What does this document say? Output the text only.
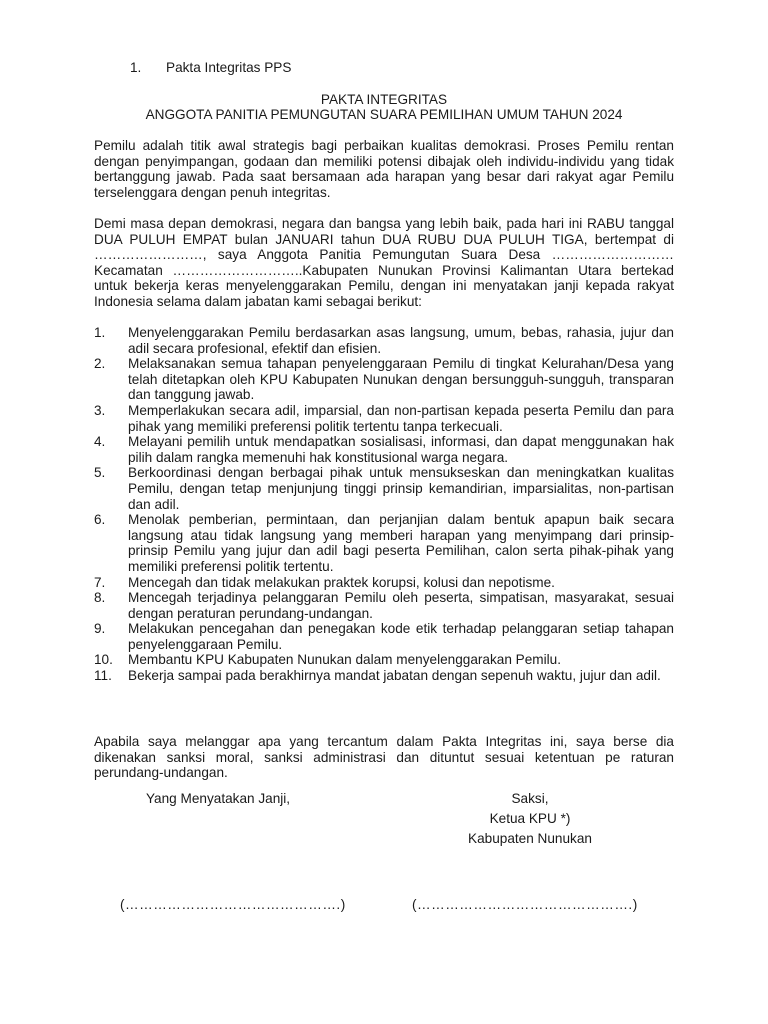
1. Pakta Integritas PPS
PAKTA INTEGRITAS
ANGGOTA PANITIA PEMUNGUTAN SUARA PEMILIHAN UMUM TAHUN 2024
Pemilu adalah titik awal strategis bagi perbaikan kualitas demokrasi. Proses Pemilu rentan dengan penyimpangan, godaan dan memiliki potensi dibajak oleh individu-individu yang tidak bertanggung jawab. Pada saat bersamaan ada harapan yang besar dari rakyat agar Pemilu terselenggara dengan penuh integritas.
Demi masa depan demokrasi, negara dan bangsa yang lebih baik, pada hari ini RABU tanggal DUA PULUH EMPAT bulan JANUARI tahun DUA RUBU DUA PULUH TIGA, bertempat di ……………………, saya Anggota Panitia Pemungutan Suara Desa ……………………… Kecamatan ………………………..Kabupaten Nunukan Provinsi Kalimantan Utara bertekad untuk bekerja keras menyelenggarakan Pemilu, dengan ini menyatakan janji kepada rakyat Indonesia selama dalam jabatan kami sebagai berikut:
1. Menyelenggarakan Pemilu berdasarkan asas langsung, umum, bebas, rahasia, jujur dan adil secara profesional, efektif dan efisien.
2. Melaksanakan semua tahapan penyelenggaraan Pemilu di tingkat Kelurahan/Desa yang telah ditetapkan oleh KPU Kabupaten Nunukan dengan bersungguh-sungguh, transparan dan tanggung jawab.
3. Memperlakukan secara adil, imparsial, dan non-partisan kepada peserta Pemilu dan para pihak yang memiliki preferensi politik tertentu tanpa terkecuali.
4. Melayani pemilih untuk mendapatkan sosialisasi, informasi, dan dapat menggunakan hak pilih dalam rangka memenuhi hak konstitusional warga negara.
5. Berkoordinasi dengan berbagai pihak untuk mensukseskan dan meningkatkan kualitas Pemilu, dengan tetap menjunjung tinggi prinsip kemandirian, imparsialitas, non-partisan dan adil.
6. Menolak pemberian, permintaan, dan perjanjian dalam bentuk apapun baik secara langsung atau tidak langsung yang memberi harapan yang menyimpang dari prinsip-prinsip Pemilu yang jujur dan adil bagi peserta Pemilihan, calon serta pihak-pihak yang memiliki preferensi politik tertentu.
7. Mencegah dan tidak melakukan praktek korupsi, kolusi dan nepotisme.
8. Mencegah terjadinya pelanggaran Pemilu oleh peserta, simpatisan, masyarakat, sesuai dengan peraturan perundang-undangan.
9. Melakukan pencegahan dan penegakan kode etik terhadap pelanggaran setiap tahapan penyelenggaraan Pemilu.
10. Membantu KPU Kabupaten Nunukan dalam menyelenggarakan Pemilu.
11. Bekerja sampai pada berakhirnya mandat jabatan dengan sepenuh waktu, jujur dan adil.
Apabila saya melanggar apa yang tercantum dalam Pakta Integritas ini, saya berse dia dikenakan sanksi moral, sanksi administrasi dan dituntut sesuai ketentuan pe raturan perundang-undangan.
Yang Menyatakan Janji,	Saksi,
Ketua KPU *)
Kabupaten Nunukan
(……………………………………….)	(……………………………………….)
